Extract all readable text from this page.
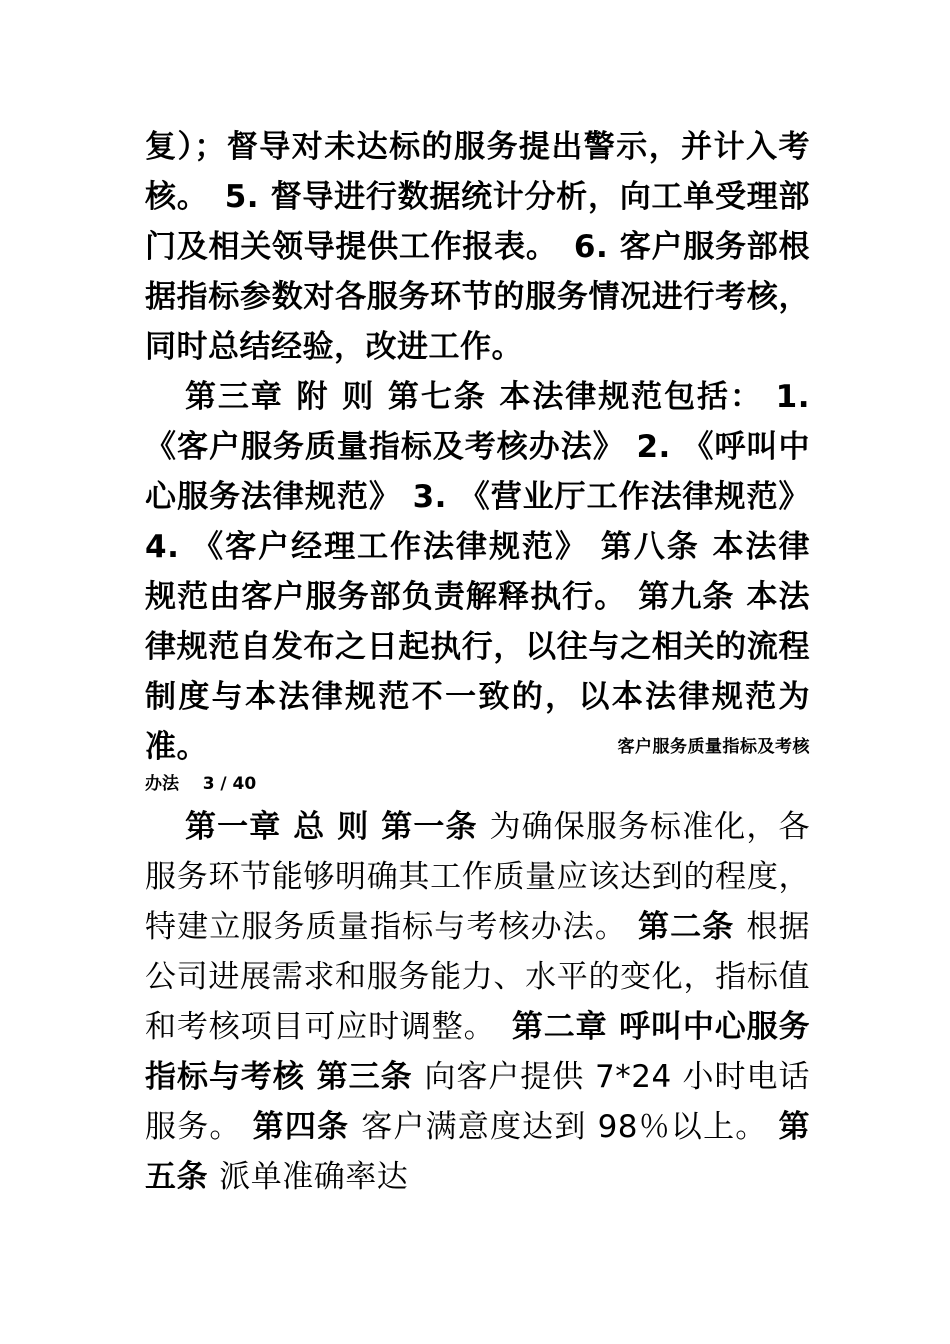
复）；督导对未达标的服务提出警示，并计入考核。　5. 督导进行数据统计分析，向工单受理部门及相关领导提供工作报表。　6. 客户服务部根据指标参数对各服务环节的服务情况进行考核，同时总结经验，改进工作。

第三章 附 则 第七条 本法律规范包括： 1. 《客户服务质量指标及考核办法》 2. 《呼叫中心服务法律规范》 3. 《营业厅工作法律规范》 4. 《客户经理工作法律规范》 第八条 本法律规范由客户服务部负责解释执行。 第九条 本法律规范自发布之日起执行，以往与之相关的流程制度与本法律规范不一致的，以本法律规范为准。	客户服务质量指标及考核

办法 3 / 40

第一章 总 则 第一条 为确保服务标准化，各服务环节能够明确其工作质量应该达到的程度，特建立服务质量指标与考核办法。 第二条 根据公司进展需求和服务能力、水平的变化，指标值和考核项目可应时调整。　第二章 呼叫中心服务指标与考核 第三条 向客户提供 7*24 小时电话服务。 第四条 客户满意度达到 98％以上。 第五条 派单准确率达
